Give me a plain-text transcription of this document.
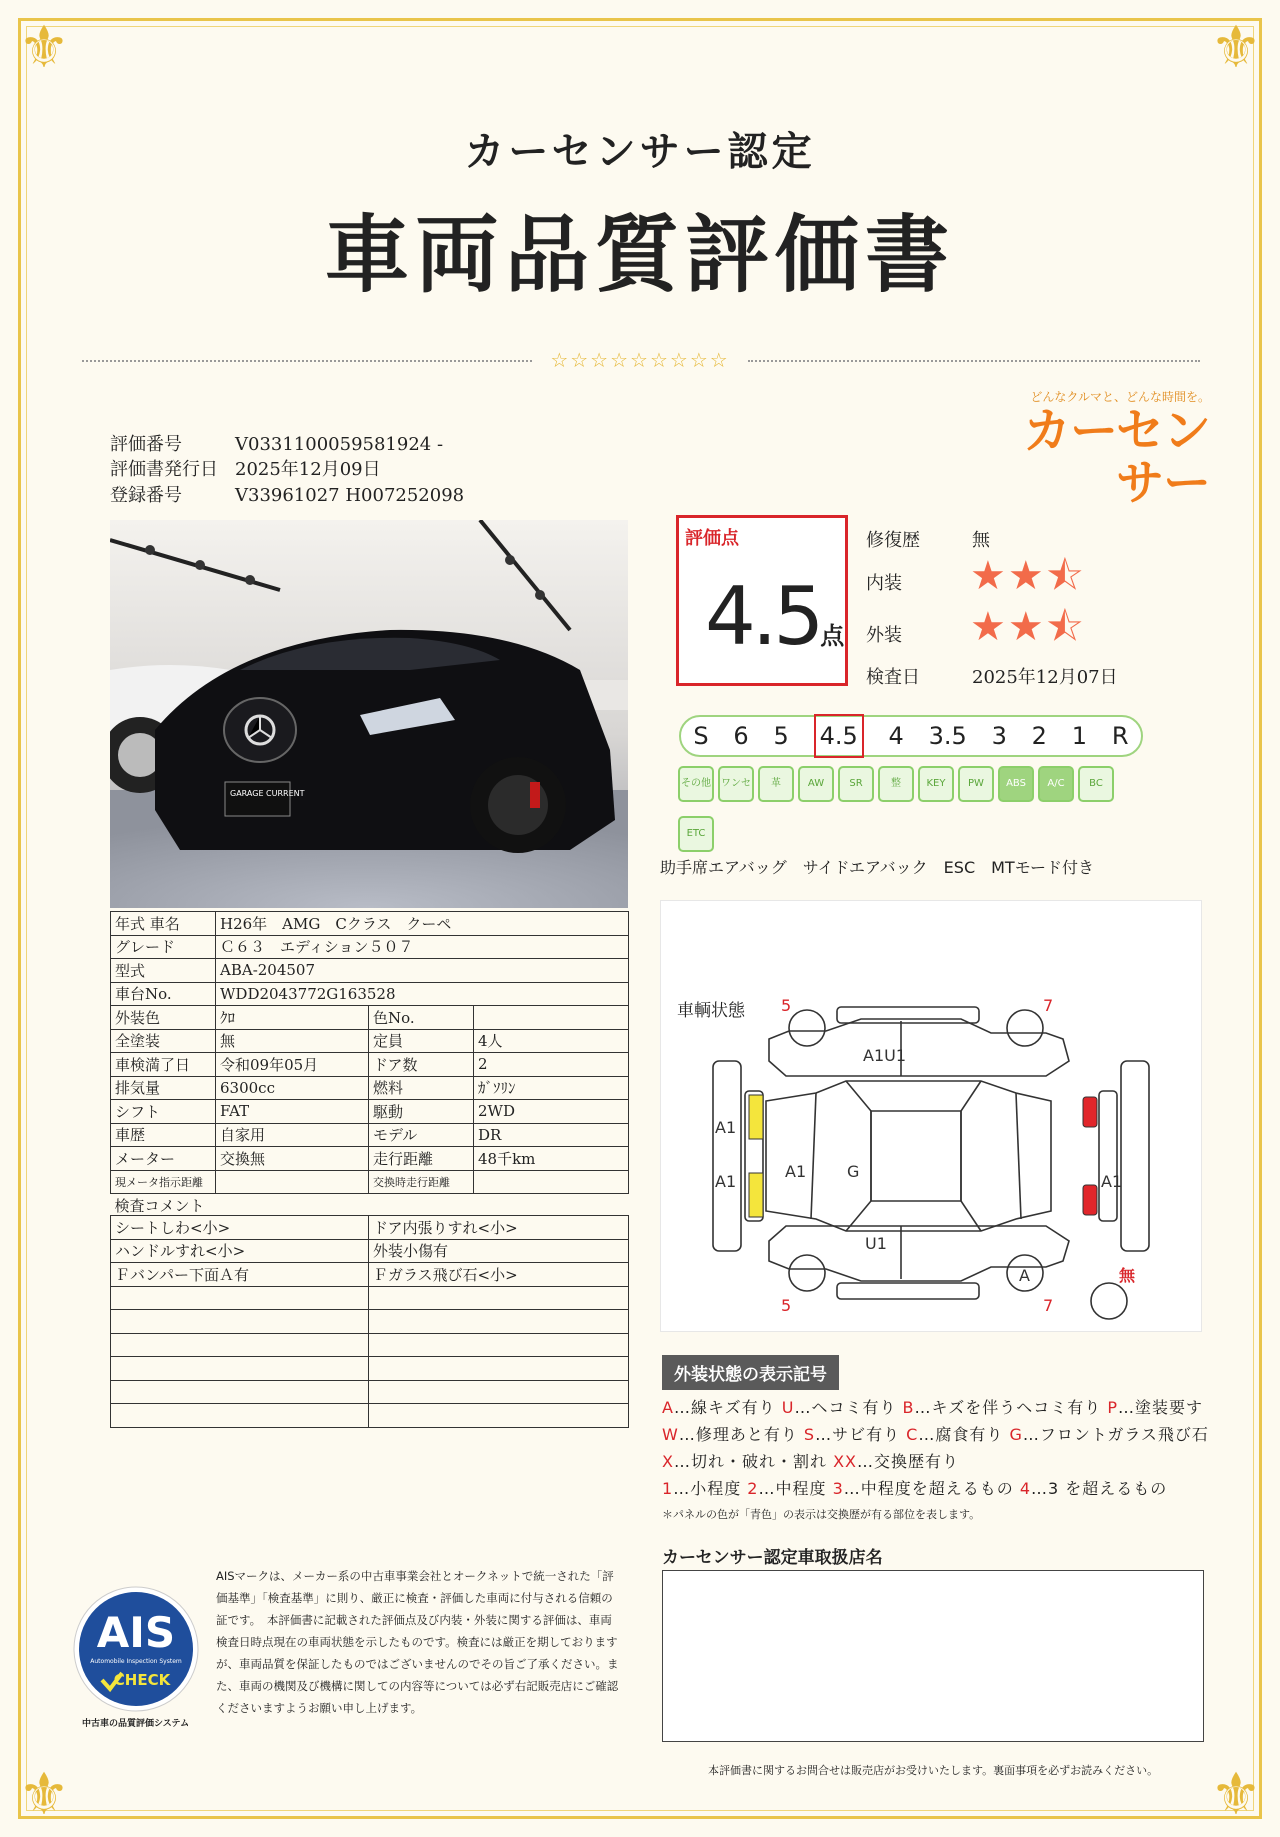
⚜	⚜
⚜	⚜
カーセンサー認定
車両品質評価書
☆☆☆☆☆☆☆☆☆
どんなクルマと、どんな時間を。
カーセンサー
評価番号	V0331100059581924 -
評価書発行日 2025年12月09日
登録番号	V33961027 H007252098
GARAGE CURRENT
年式 車名	H26年　AMG　Cクラス　クーペ		
グレード	Ｃ６３　エディション５０７		
型式	ABA-204507		
車台No.	WDD2043772G163528		
外装色	ｸﾛ	色No.	
全塗装	無	定員	4人
車検満了日	令和09年05月	ドア数	2
排気量	6300cc	燃料	ｶﾞｿﾘﾝ
シフト	FAT	駆動	2WD
車歴	自家用	モデル	DR
メーター	交換無	走行距離	48千km
現メータ指示距離		交換時走行距離	
検査コメント			
シートしわ<小>	ドア内張りすれ<小>
ハンドルすれ<小>	外装小傷有
Ｆバンパー下面Ａ有	Ｆガラス飛び石<小>

評価点
4.5点
修復歴	無
内装 ★★⯪
外装 ★★⯪
検査日	2025年12月07日
S 6 5 4.5 4 3.5 3 2 1 R
その他 ワンセ 革	AW	SR	整	KEY PW ABS A/C BCETC
助手席エアバッグ　サイドエアバック　ESC　MTモード付き
車輌状態 5	7
A1U1
A1
A1
A1	G
A1
U1
5
A
7
無
外装状態の表示記号
A…線キズ有り U…ヘコミ有り B…キズを伴うヘコミ有り P…塗装要す
W…修理あと有り S…サビ有り C…腐食有り G…フロントガラス飛び石
X…切れ・破れ・割れ XX…交換歴有り
1…小程度 2…中程度 3…中程度を超えるもの 4…3 を超えるもの
＊パネルの色が「青色」の表示は交換歴が有る部位を表します。
カーセンサー認定車取扱店名
AIS
Automobile Inspection System
CHECK
中古車の品質評価システム
AISマークは、メーカー系の中古車事業会社とオークネットで統一された「評価基準」「検査基準」に則り、厳正に検査・評価した車両に付与される信頼の証です。　本評価書に記載された評価点及び内装・外装に関する評価は、車両検査日時点現在の車両状態を示したものです。検査には厳正を期しておりますが、車両品質を保証したものではございませんのでその旨ご了承ください。また、車両の機関及び機構に関しての内容等については必ず右記販売店にご確認くださいますようお願い申し上げます。
本評価書に関するお問合せは販売店がお受けいたします。裏面事項を必ずお読みください。
